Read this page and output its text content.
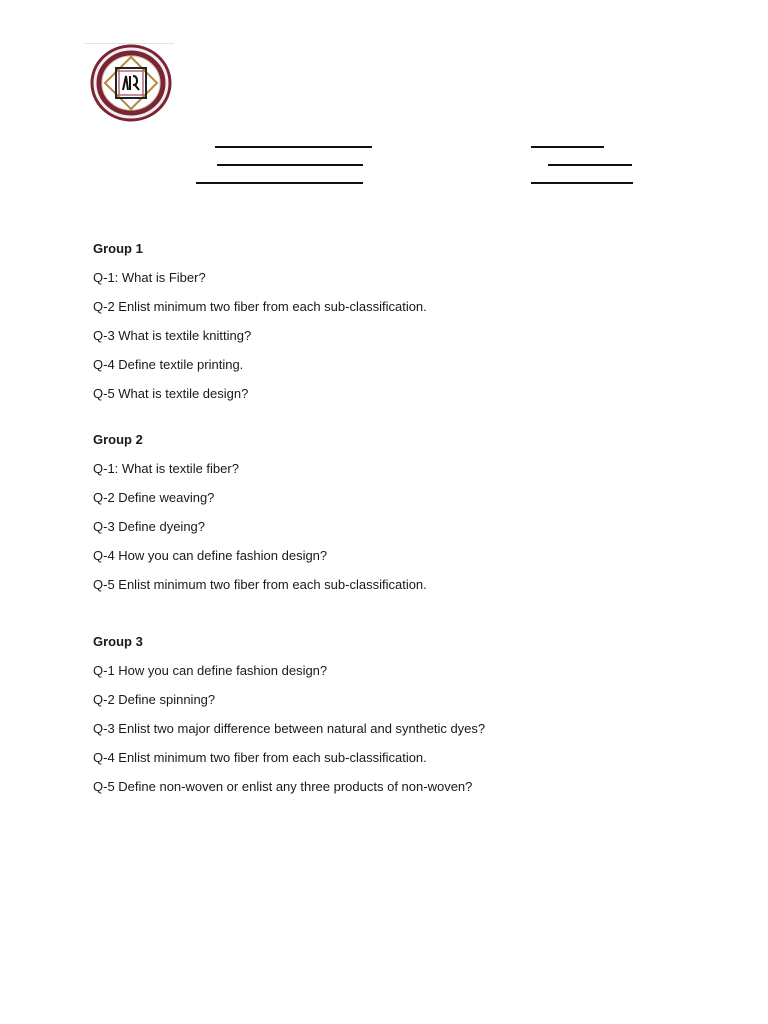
Group 1
Q-1: What is Fiber?
Q-2 Enlist minimum two fiber from each sub-classification.
Q-3 What is textile knitting?
Q-4 Define textile printing.
Q-5 What is textile design?
Group 2
Q-1: What is textile fiber?
Q-2 Define weaving?
Q-3 Define dyeing?
Q-4 How you can define fashion design?
Q-5 Enlist minimum two fiber from each sub-classification.
Group 3
Q-1 How you can define fashion design?
Q-2 Define spinning?
Q-3 Enlist two major difference between natural and synthetic dyes?
Q-4 Enlist minimum two fiber from each sub-classification.
Q-5 Define non-woven or enlist any three products of non-woven?
